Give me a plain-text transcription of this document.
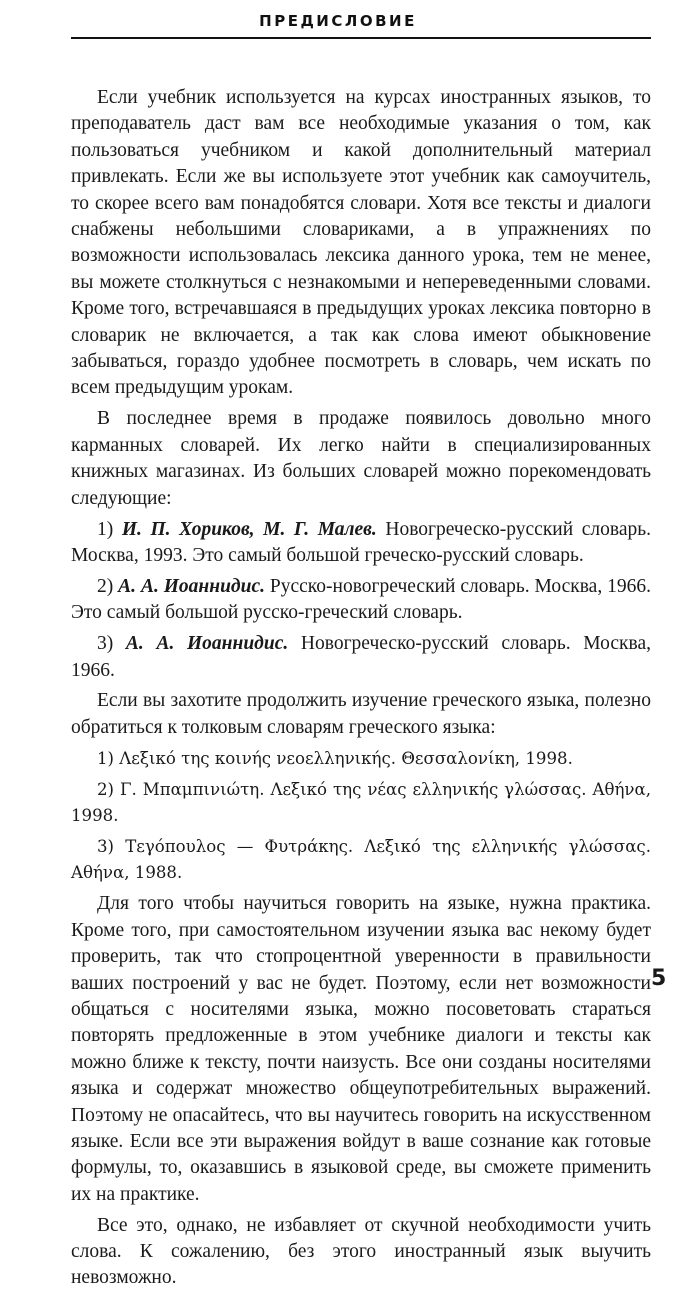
ПРЕДИСЛОВИЕ

Если учебник используется на курсах иностранных языков, то преподаватель даст вам все необходимые указания о том, как пользоваться учебником и какой дополнительный материал привлекать. Если же вы используете этот учебник как самоучитель, то скорее всего вам понадобятся словари. Хотя все тексты и диалоги снабжены небольшими словариками, а в упражнениях по возможности использовалась лексика данного урока, тем не менее, вы можете столкнуться с незнакомыми и непереведенными словами. Кроме того, встречавшаяся в предыдущих уроках лексика повторно в словарик не включается, а так как слова имеют обыкновение забываться, гораздо удобнее посмотреть в словарь, чем искать по всем предыдущим урокам.

В последнее время в продаже появилось довольно много карманных словарей. Их легко найти в специализированных книжных магазинах. Из больших словарей можно порекомендовать следующие:

1) И. П. Хориков, М. Г. Малев. Новогреческо-русский словарь. Москва, 1993. Это самый большой греческо-русский словарь.

2) А. А. Иоаннидис. Русско-новогреческий словарь. Москва, 1966. Это самый большой русско-греческий словарь.

3) А. А. Иоаннидис. Новогреческо-русский словарь. Москва, 1966.

Если вы захотите продолжить изучение греческого языка, полезно обратиться к толковым словарям греческого языка:

1) Λεξικό της κοινής νεοελληνικής. Θεσσαλονίκη, 1998.

2) Γ. Μπαμπινιώτη. Λεξικό της νέας ελληνικής γλώσσας. Αθήνα, 1998.

3) Τεγόπουλος — Φυτράκης. Λεξικό της ελληνικής γλώσσας. Αθήνα, 1988.

Для того чтобы научиться говорить на языке, нужна практика. Кроме того, при самостоятельном изучении языка вас некому будет проверить, так что стопроцентной уверенности в правильности ваших построений у вас не будет. Поэтому, если нет возможности общаться с носителями языка, можно посоветовать стараться повторять предложенные в этом учебнике диалоги и тексты как можно ближе к тексту, почти наизусть. Все они созданы носителями языка и содержат множество общеупотребительных выражений. Поэтому не опасайтесь, что вы научитесь говорить на искусственном языке. Если все эти выражения войдут в ваше сознание как готовые формулы, то, оказавшись в языковой среде, вы сможете применить их на практике.

Все это, однако, не избавляет от скучной необходимости учить слова. К сожалению, без этого иностранный язык выучить невозможно.

5
